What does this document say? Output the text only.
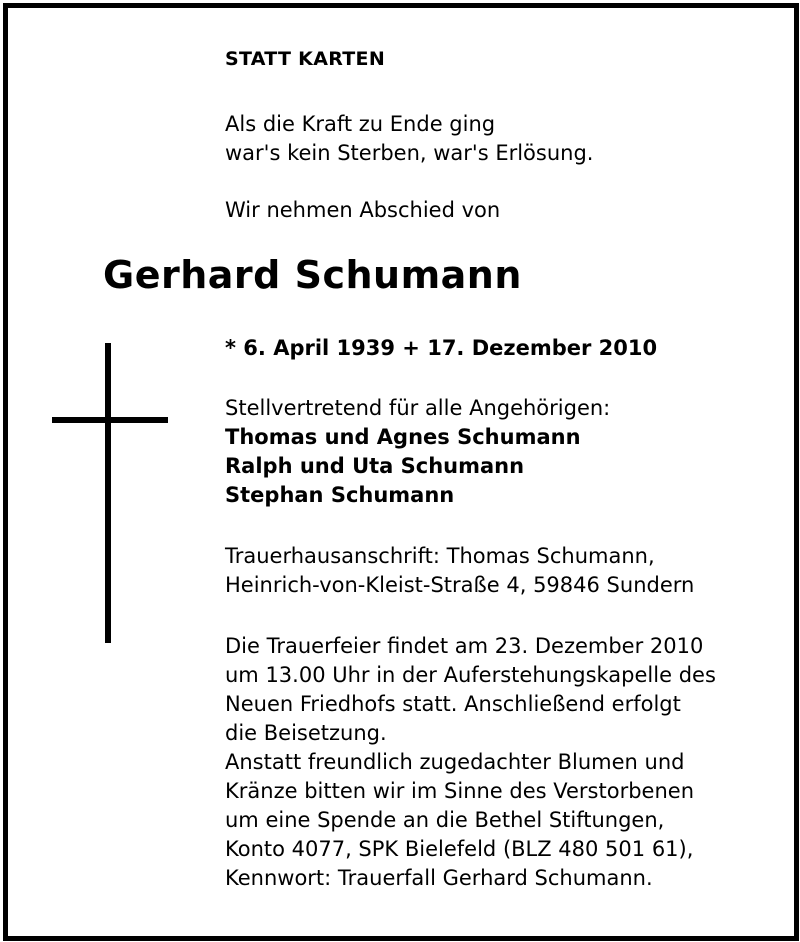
STATT KARTEN
Als die Kraft zu Ende ging
war's kein Sterben, war's Erlösung.
Wir nehmen Abschied von
Gerhard Schumann
* 6. April 1939 + 17. Dezember 2010
Stellvertretend für alle Angehörigen:
Thomas und Agnes Schumann
Ralph und Uta Schumann
Stephan Schumann
Trauerhausanschrift: Thomas Schumann,
Heinrich-von-Kleist-Straße 4, 59846 Sundern
Die Trauerfeier findet am 23. Dezember 2010
um 13.00 Uhr in der Auferstehungskapelle des
Neuen Friedhofs statt. Anschließend erfolgt
die Beisetzung.
Anstatt freundlich zugedachter Blumen und
Kränze bitten wir im Sinne des Verstorbenen
um eine Spende an die Bethel Stiftungen,
Konto 4077, SPK Bielefeld (BLZ 480 501 61),
Kennwort: Trauerfall Gerhard Schumann.
